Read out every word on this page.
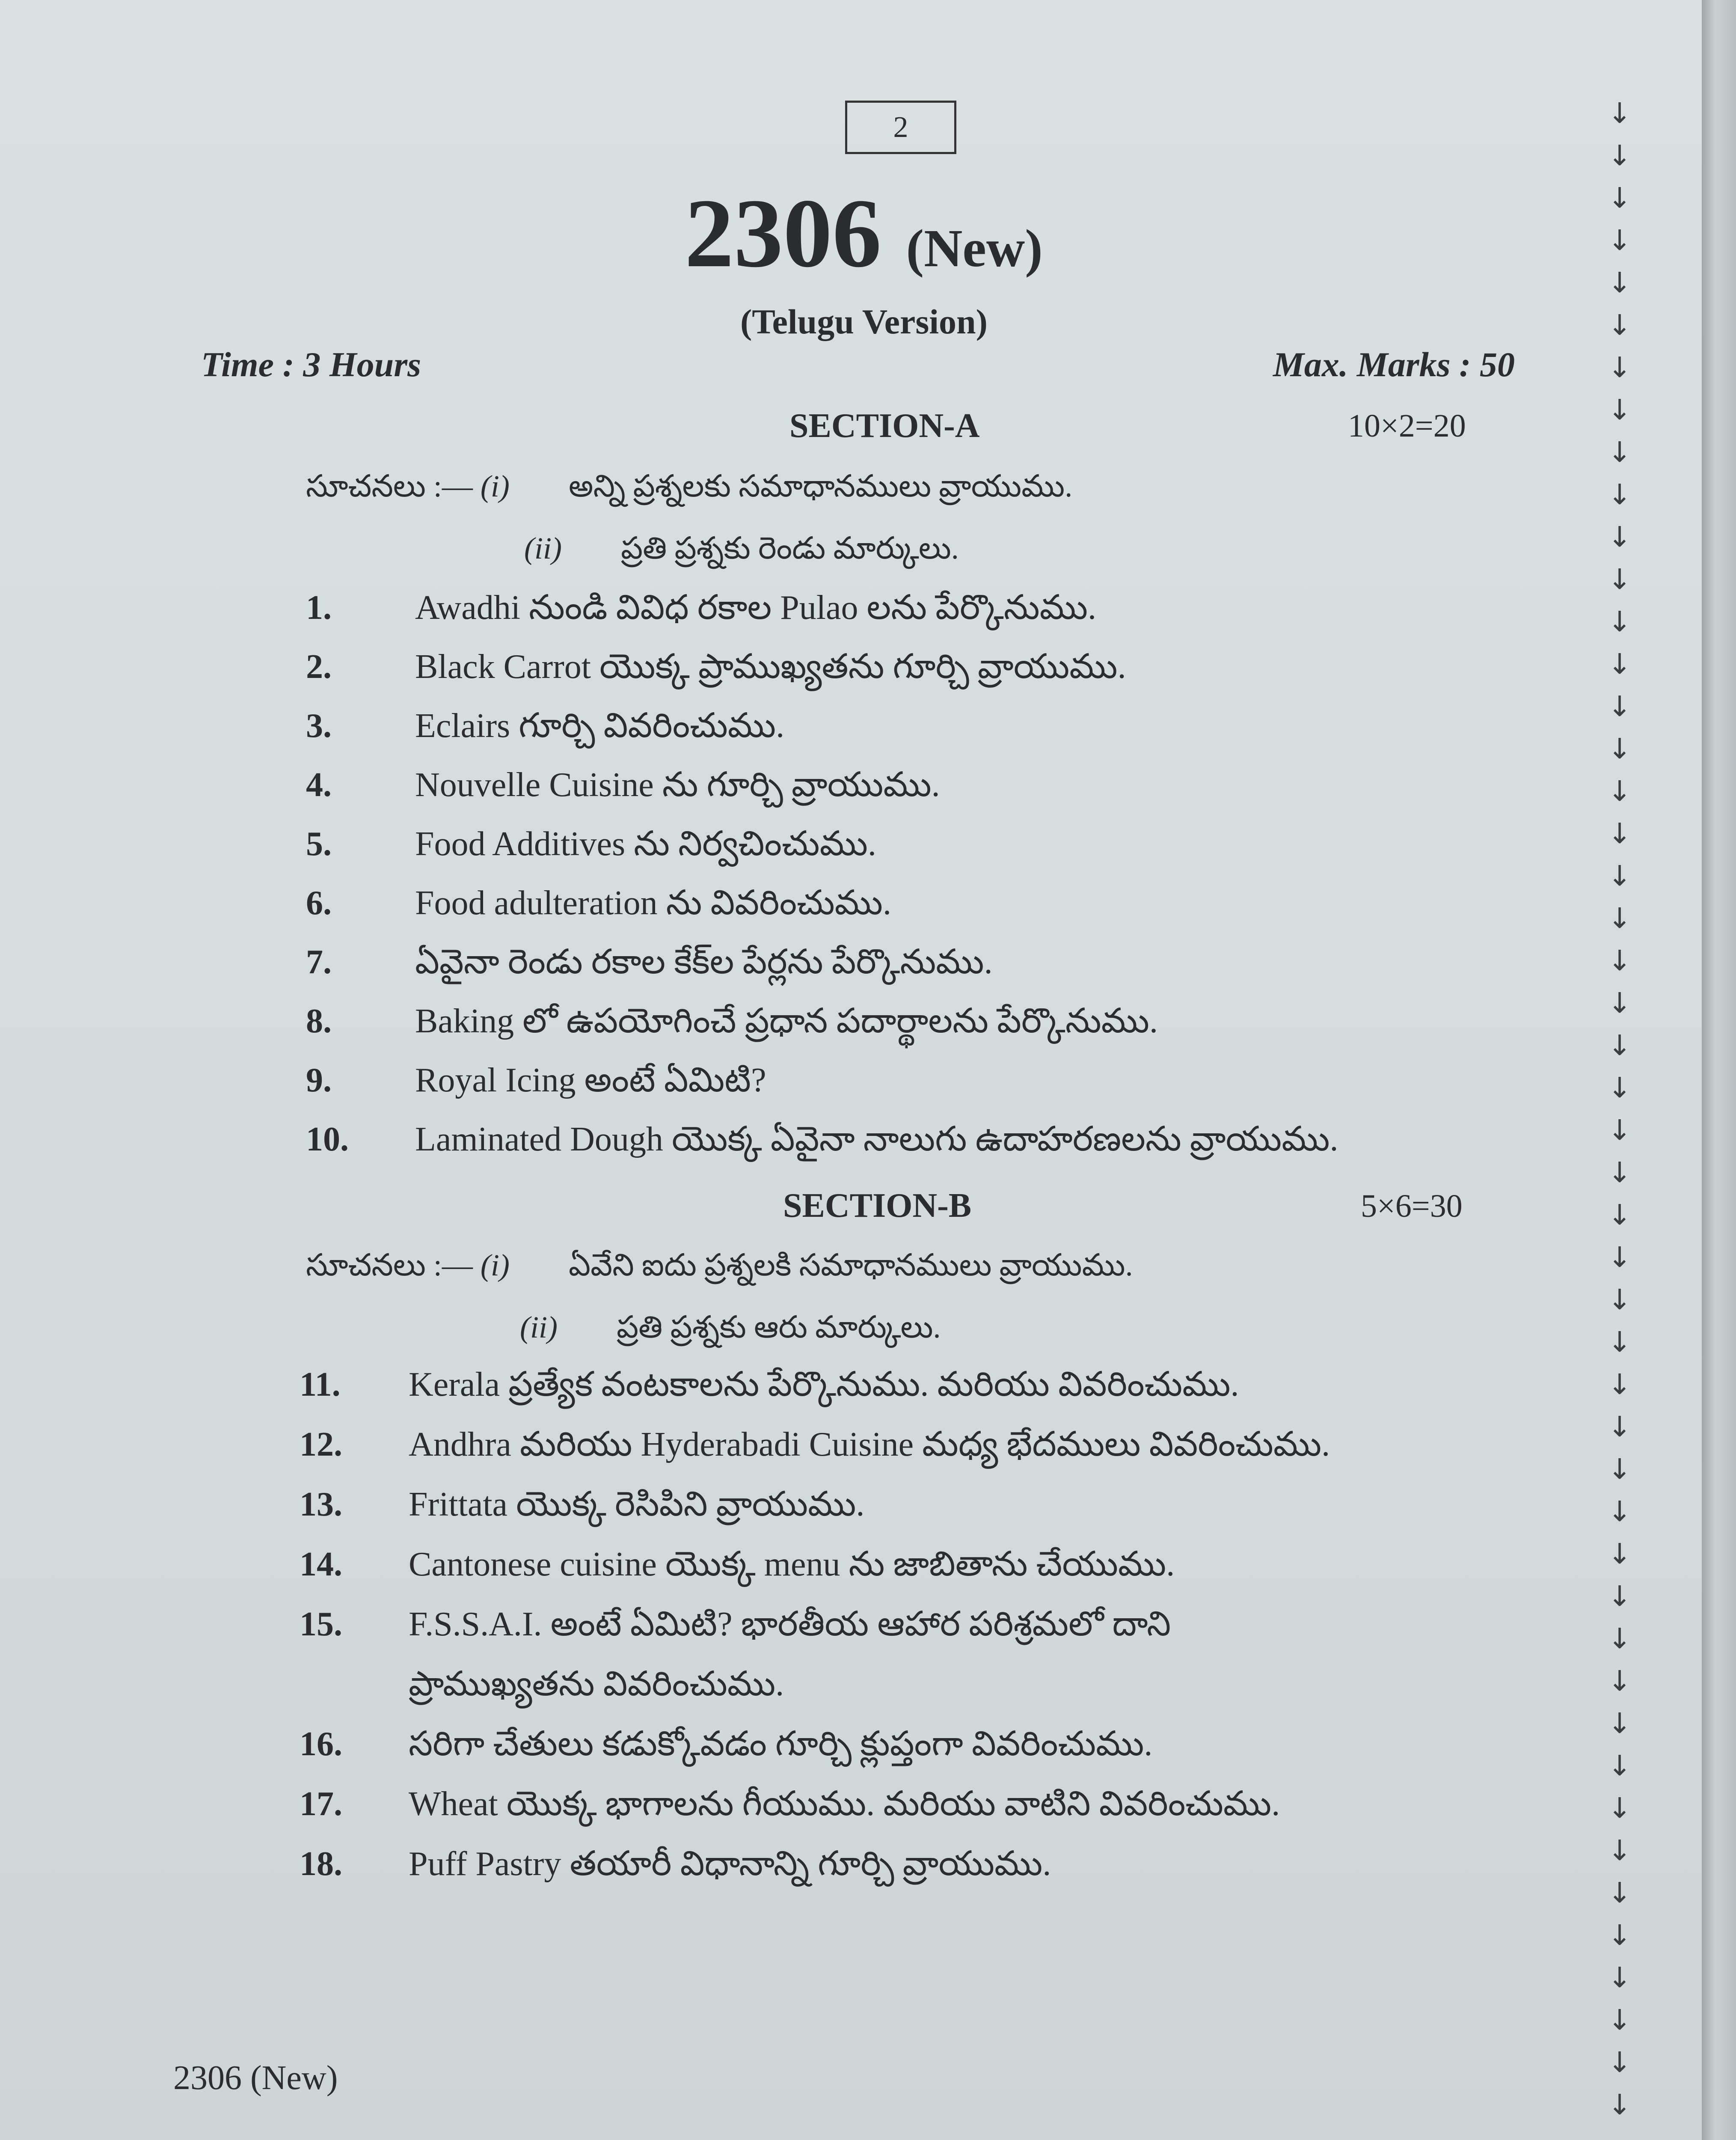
2
2306 (New)
(Telugu Version)
Time : 3 Hours	Max. Marks : 50
SECTION-A	10×2=20
సూచనలు :— (i) అన్ని ప్రశ్నలకు సమాధానములు వ్రాయుము.
(ii) ప్రతి ప్రశ్నకు రెండు మార్కులు.
1. Awadhi నుండి వివిధ రకాల Pulao లను పేర్కొనుము.
2. Black Carrot యొక్క ప్రాముఖ్యతను గూర్చి వ్రాయుము.
3. Eclairs గూర్చి వివరించుము.
4. Nouvelle Cuisine ను గూర్చి వ్రాయుము.
5. Food Additives ను నిర్వచించుము.
6. Food adulteration ను వివరించుము.
7. ఏవైనా రెండు రకాల కేక్‌ల పేర్లను పేర్కొనుము.
8. Baking లో ఉపయోగించే ప్రధాన పదార్థాలను పేర్కొనుము.
9. Royal Icing అంటే ఏమిటి?
10. Laminated Dough యొక్క ఏవైనా నాలుగు ఉదాహరణలను వ్రాయుము.
SECTION-B	5×6=30
సూచనలు :— (i) ఏవేని ఐదు ప్రశ్నలకి సమాధానములు వ్రాయుము.
(ii) ప్రతి ప్రశ్నకు ఆరు మార్కులు.
11. Kerala ప్రత్యేక వంటకాలను పేర్కొనుము. మరియు వివరించుము.
12. Andhra మరియు Hyderabadi Cuisine మధ్య భేదములు వివరించుము.
13. Frittata యొక్క రెసిపిని వ్రాయుము.
14. Cantonese cuisine యొక్క menu ను జాబితాను చేయుము.
15. F.S.S.A.I. అంటే ఏమిటి? భారతీయ ఆహార పరిశ్రమలో దాని
ప్రాముఖ్యతను వివరించుము.
16. సరిగా చేతులు కడుక్కోవడం గూర్చి క్లుప్తంగా వివరించుము.
17. Wheat యొక్క భాగాలను గీయుము. మరియు వాటిని వివరించుము.
18. Puff Pastry తయారీ విధానాన్ని గూర్చి వ్రాయుము.
↓
↓
↓
↓
↓
↓
↓
↓
↓
↓
↓
↓
↓
↓
↓
↓
↓
↓
↓
↓
↓
↓
↓
↓
↓
↓
↓
↓
↓
↓
↓
↓
↓
↓
↓
↓
↓
↓
↓
↓
↓
↓
↓
↓
↓
↓
↓
↓
2306 (New)
